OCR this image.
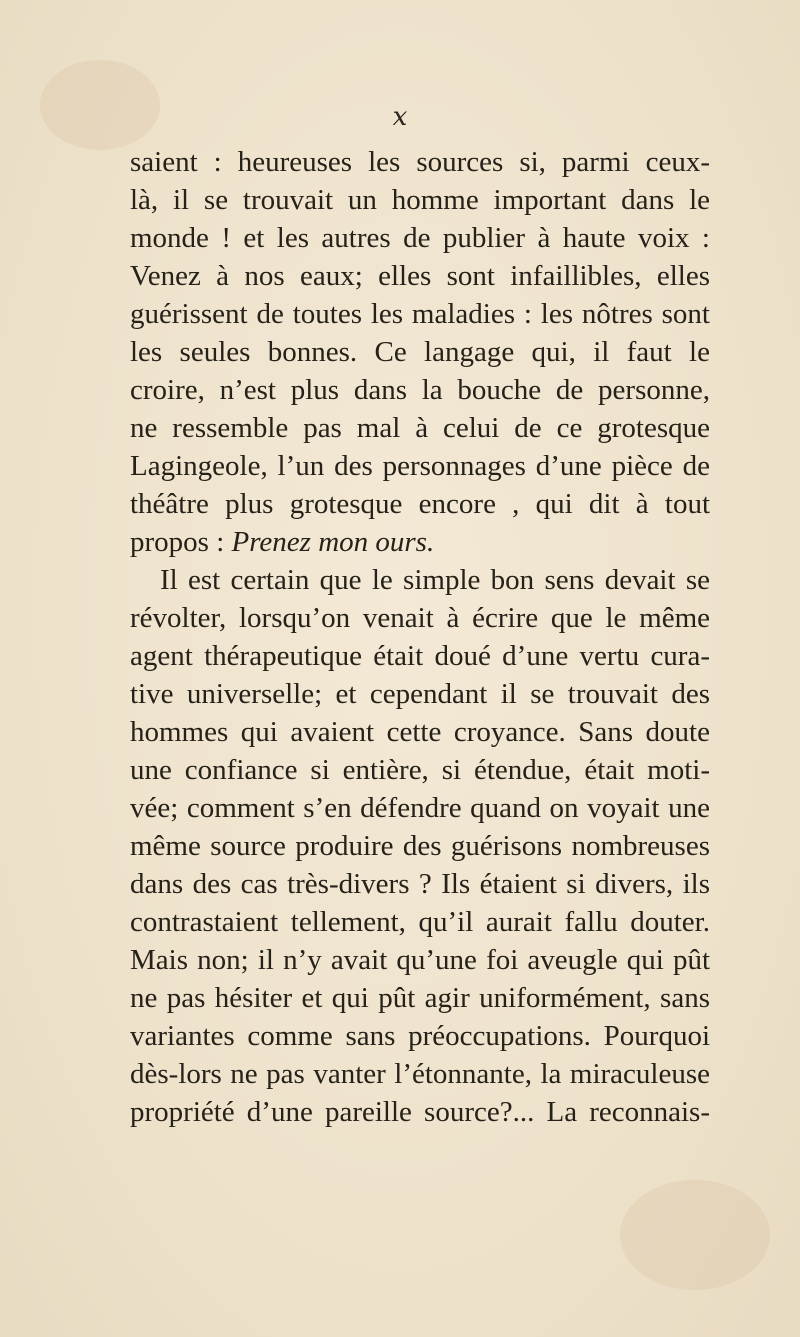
x
saient : heureuses les sources si, parmi ceux-
là, il se trouvait un homme important dans le
monde ! et les autres de publier à haute voix :
Venez à nos eaux; elles sont infaillibles, elles
guérissent de toutes les maladies : les nôtres sont
les seules bonnes. Ce langage qui, il faut le
croire, n’est plus dans la bouche de personne,
ne ressemble pas mal à celui de ce grotesque
Lagingeole, l’un des personnages d’une pièce de
théâtre plus grotesque encore , qui dit à tout
propos : Prenez mon ours.
Il est certain que le simple bon sens devait se
révolter, lorsqu’on venait à écrire que le même
agent thérapeutique était doué d’une vertu cura-
tive universelle; et cependant il se trouvait des
hommes qui avaient cette croyance. Sans doute
une confiance si entière, si étendue, était moti-
vée; comment s’en défendre quand on voyait une
même source produire des guérisons nombreuses
dans des cas très-divers ? Ils étaient si divers, ils
contrastaient tellement, qu’il aurait fallu douter.
Mais non; il n’y avait qu’une foi aveugle qui pût
ne pas hésiter et qui pût agir uniformément, sans
variantes comme sans préoccupations. Pourquoi
dès-lors ne pas vanter l’étonnante, la miraculeuse
propriété d’une pareille source?... La reconnais-
